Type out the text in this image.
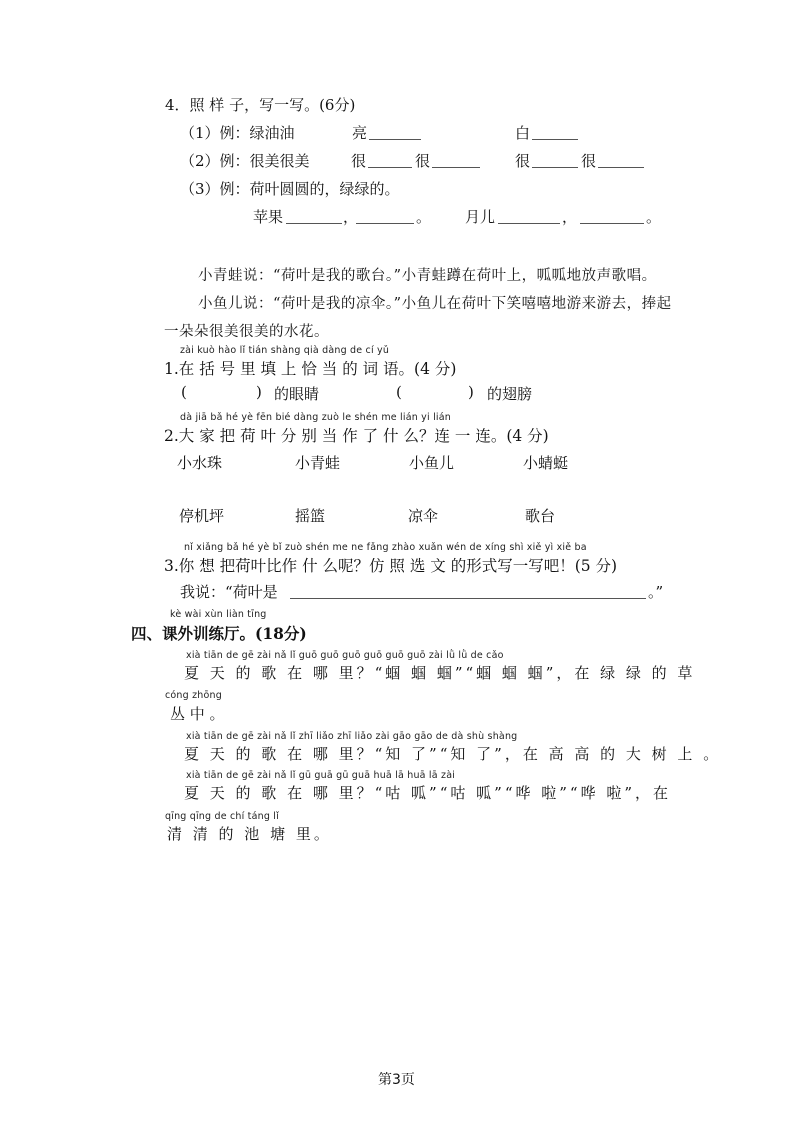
4．照 样 子，写一写。(6分)
（1）例：绿油油	亮	白
（2）例：很美很美	很	很	很	很
（3）例：荷叶圆圆的，绿绿的。
苹果	，	。 月儿	，	。
小青蛙说：“荷叶是我的歌台。”小青蛙蹲在荷叶上，呱呱地放声歌唱。
小鱼儿说：“荷叶是我的凉伞。”小鱼儿在荷叶下笑嘻嘻地游来游去，捧起
一朵朵很美很美的水花。
zài kuò hào lǐ tián shàng qià dàng de cí yǔ
1.在 括 号 里 填 上 恰 当 的 词 语。(4 分)
(	) 的眼睛	(	) 的翅膀
dà jiā bǎ hé yè fēn bié dàng zuò le shén me lián yi lián
2.大 家 把 荷 叶 分 别 当 作 了 什 么？连 一 连。(4 分)
小水珠	小青蛙	小鱼儿	小蜻蜓
停机坪	摇篮	凉伞	歌台
nǐ xiǎng bǎ hé yè bǐ zuò shén me ne fǎng zhào xuǎn wén de xíng shì xiě yì xiě ba
3.你 想 把荷叶比作 什 么呢？仿 照 选 文 的形式写一写吧！(5 分)
我说：“荷叶是	。”
kè wài xùn liàn tīng
四、课外训练厅。(18分)
xià tiān de gē zài nǎ lǐ guō guō guō guō guō guō zài lǜ lǜ de cǎo
夏 天 的 歌 在 哪 里？“蝈 蝈 蝈”“蝈 蝈 蝈”，在 绿 绿 的 草
cóng zhōng
丛 中 。
xià tiān de gē zài nǎ lǐ zhī liǎo zhī liǎo zài gāo gāo de dà shù shàng
夏 天 的 歌 在 哪 里？“知 了”“知 了”，在 高 高 的 大 树 上 。
xià tiān de gē zài nǎ lǐ gū guā gū guā huā lā huā lā zài
夏 天 的 歌 在 哪 里？“咕 呱”“咕 呱”“哗 啦”“哗 啦”，在
qīng qīng de chí táng lǐ
清 清 的 池 塘 里。
第3页
